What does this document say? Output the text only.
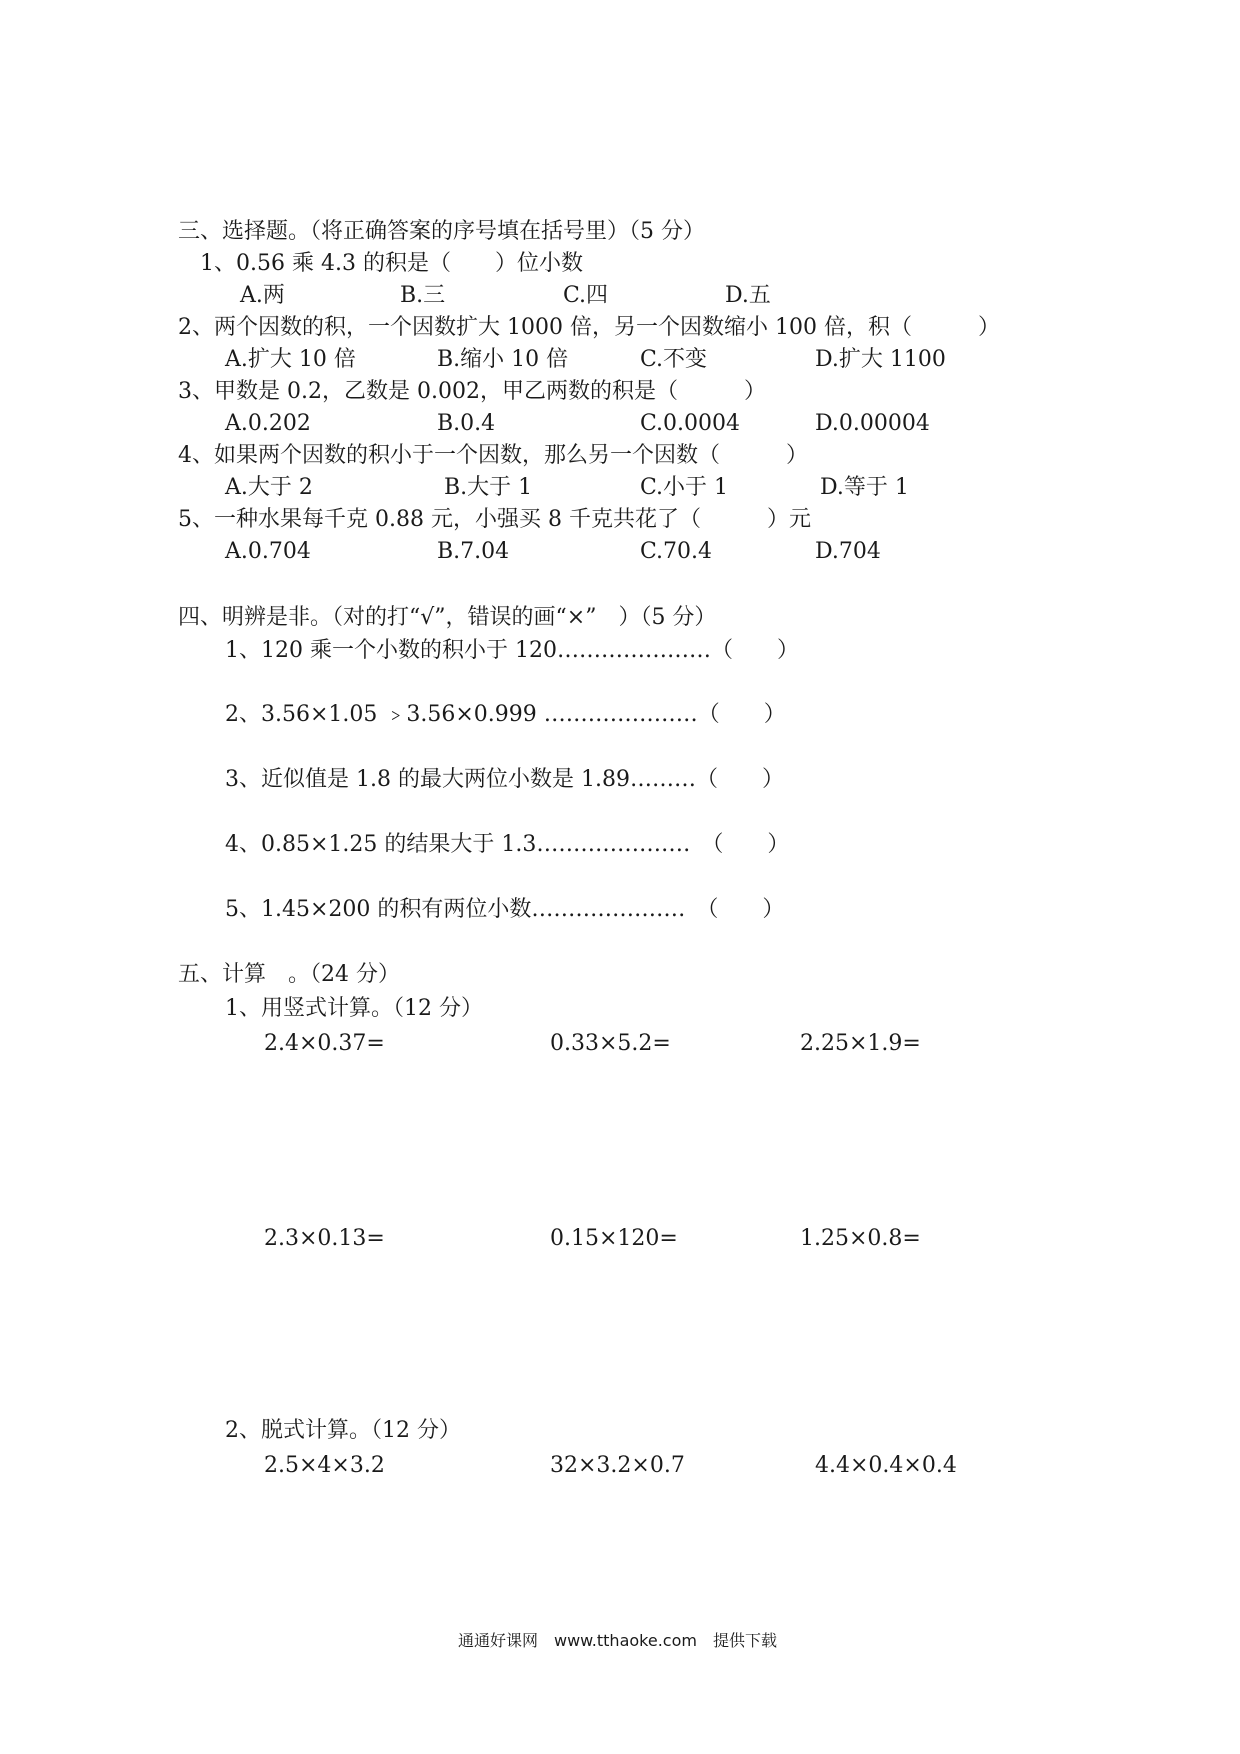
三、选择题。（将正确答案的序号填在括号里）（5 分）
1、0.56 乘 4.3 的积是（　　）位小数
A.两	B.三	C.四	D.五
2、两个因数的积，一个因数扩大 1000 倍，另一个因数缩小 100 倍，积（　　　）
A.扩大 10 倍	B.缩小 10 倍	C.不变	D.扩大 1100
3、甲数是 0.2，乙数是 0.002，甲乙两数的积是（　　　）
A.0.202	B.0.4	C.0.0004	D.0.00004
4、如果两个因数的积小于一个因数，那么另一个因数（　　　）
A.大于 2	B.大于 1	C.小于 1	D.等于 1
5、一种水果每千克 0.88 元，小强买 8 千克共花了（　　　）元
A.0.704	B.7.04	C.70.4	D.704
四、明辨是非。（对的打“√”，错误的画“×”　）（5 分）
1、120 乘一个小数的积小于 120…………………（　　）
2、3.56×1.05 ﹥3.56×0.999 …………………（　　）
3、近似值是 1.8 的最大两位小数是 1.89………（　　）
4、0.85×1.25 的结果大于 1.3…………………　（　　）
5、1.45×200 的积有两位小数…………………　（　　）
五、计算　。（24 分）
1、用竖式计算。（12 分）
2.4×0.37=	0.33×5.2=	2.25×1.9=
2.3×0.13=	0.15×120=	1.25×0.8=
2、脱式计算。（12 分）
2.5×4×3.2	32×3.2×0.7	4.4×0.4×0.4
通通好课网　www.tthaoke.com　提供下载
